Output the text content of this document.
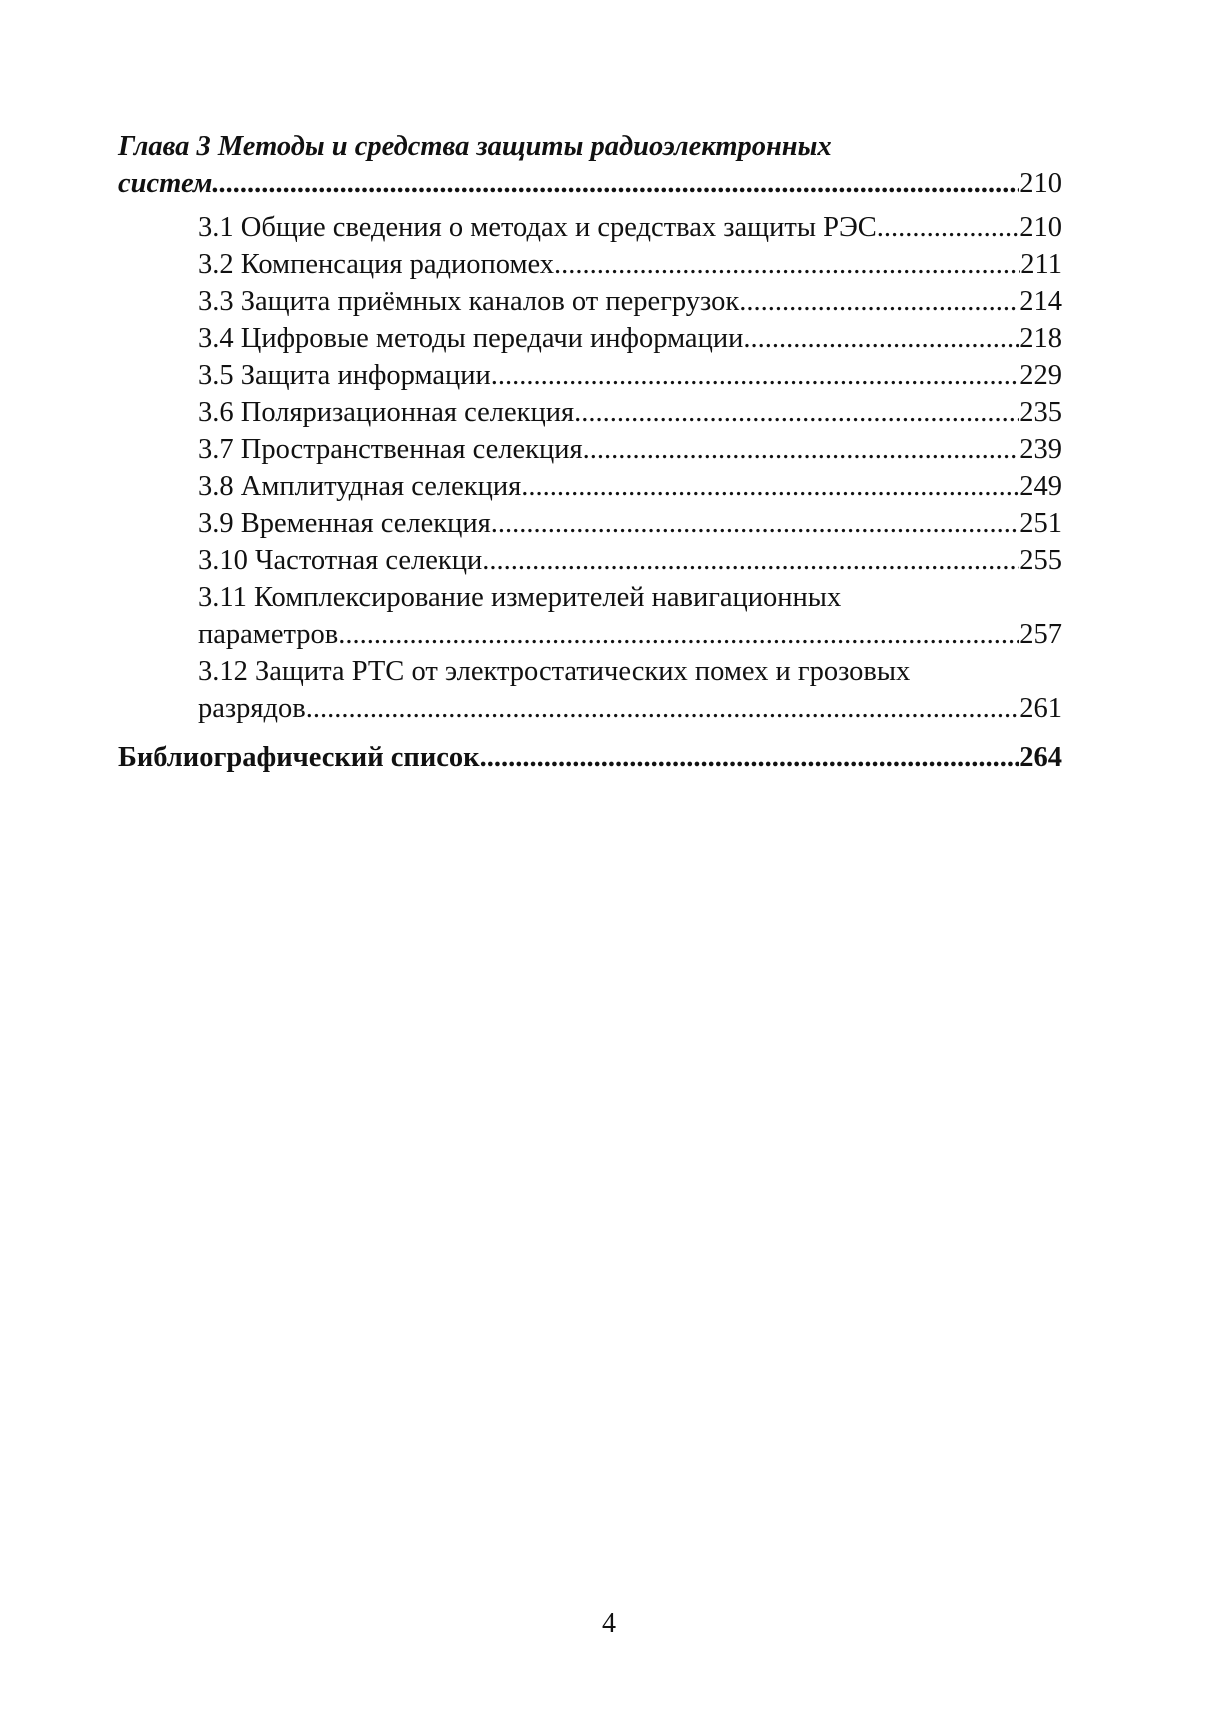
Глава 3 Методы и средства защиты радиоэлектронных
систем .....	210
3.1 Общие сведения о методах и средствах защиты РЭС .....	210
3.2 Компенсация радиопомех .....	211
3.3 Защита приёмных каналов от перегрузок .....	214
3.4 Цифровые методы передачи информации .....	218
3.5 Защита информации .....	229
3.6 Поляризационная селекция .....	235
3.7 Пространственная селекция .....	239
3.8 Амплитудная селекция .....	249
3.9 Временная селекция .....	251
3.10 Частотная селекци .....	255
3.11 Комплексирование измерителей навигационных
параметров .....	257
3.12 Защита РТС от электростатических помех и грозовых
разрядов .....	261
Библиографический список .....	264
4
